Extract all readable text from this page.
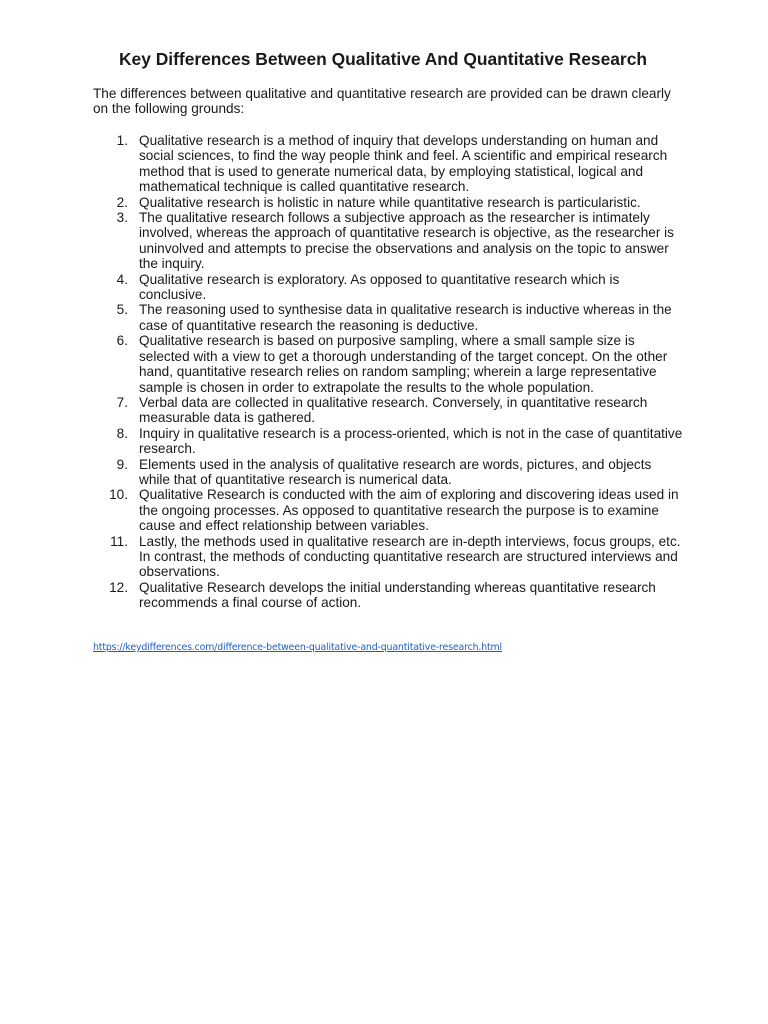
Key Differences Between Qualitative And Quantitative Research

The differences between qualitative and quantitative research are provided can be drawn clearly on the following grounds:

1. Qualitative research is a method of inquiry that develops understanding on human and social sciences, to find the way people think and feel. A scientific and empirical research method that is used to generate numerical data, by employing statistical, logical and mathematical technique is called quantitative research.
2. Qualitative research is holistic in nature while quantitative research is particularistic.
3. The qualitative research follows a subjective approach as the researcher is intimately involved, whereas the approach of quantitative research is objective, as the researcher is uninvolved and attempts to precise the observations and analysis on the topic to answer the inquiry.
4. Qualitative research is exploratory. As opposed to quantitative research which is conclusive.
5. The reasoning used to synthesise data in qualitative research is inductive whereas in the case of quantitative research the reasoning is deductive.
6. Qualitative research is based on purposive sampling, where a small sample size is selected with a view to get a thorough understanding of the target concept. On the other hand, quantitative research relies on random sampling; wherein a large representative sample is chosen in order to extrapolate the results to the whole population.
7. Verbal data are collected in qualitative research. Conversely, in quantitative research measurable data is gathered.
8. Inquiry in qualitative research is a process-oriented, which is not in the case of quantitative research.
9. Elements used in the analysis of qualitative research are words, pictures, and objects while that of quantitative research is numerical data.
10. Qualitative Research is conducted with the aim of exploring and discovering ideas used in the ongoing processes. As opposed to quantitative research the purpose is to examine cause and effect relationship between variables.
11. Lastly, the methods used in qualitative research are in-depth interviews, focus groups, etc. In contrast, the methods of conducting quantitative research are structured interviews and observations.
12. Qualitative Research develops the initial understanding whereas quantitative research recommends a final course of action.
https://keydifferences.com/difference-between-qualitative-and-quantitative-research.html
